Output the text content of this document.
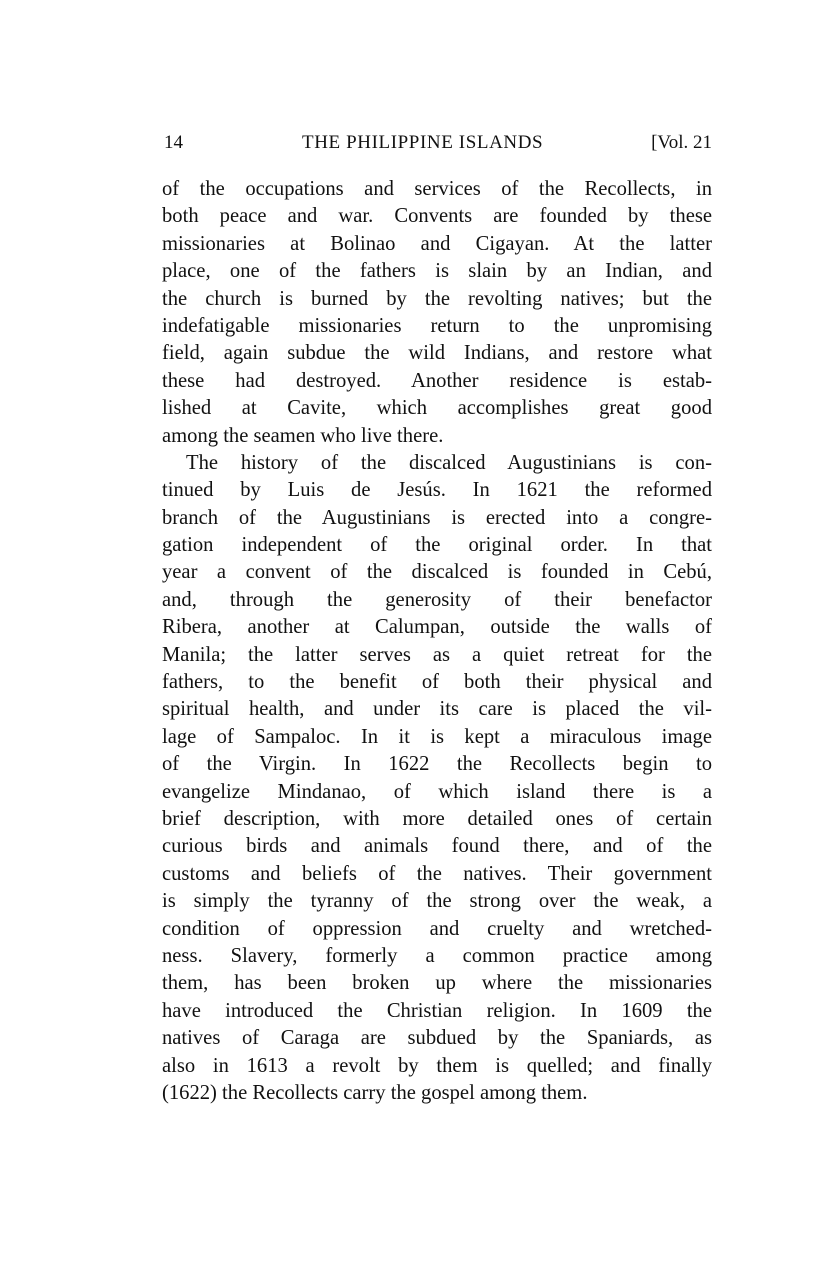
14	THE PHILIPPINE ISLANDS	[Vol. 21
of the occupations and services of the Recollects, in
both peace and war. Convents are founded by these
missionaries at Bolinao and Cigayan. At the latter
place, one of the fathers is slain by an Indian, and
the church is burned by the revolting natives; but the
indefatigable missionaries return to the unpromising
field, again subdue the wild Indians, and restore what
these had destroyed. Another residence is estab-
lished at Cavite, which accomplishes great good
among the seamen who live there.
The history of the discalced Augustinians is con-
tinued by Luis de Jesús. In 1621 the reformed
branch of the Augustinians is erected into a congre-
gation independent of the original order. In that
year a convent of the discalced is founded in Cebú,
and, through the generosity of their benefactor
Ribera, another at Calumpan, outside the walls of
Manila; the latter serves as a quiet retreat for the
fathers, to the benefit of both their physical and
spiritual health, and under its care is placed the vil-
lage of Sampaloc. In it is kept a miraculous image
of the Virgin. In 1622 the Recollects begin to
evangelize Mindanao, of which island there is a
brief description, with more detailed ones of certain
curious birds and animals found there, and of the
customs and beliefs of the natives. Their government
is simply the tyranny of the strong over the weak, a
condition of oppression and cruelty and wretched-
ness. Slavery, formerly a common practice among
them, has been broken up where the missionaries
have introduced the Christian religion. In 1609 the
natives of Caraga are subdued by the Spaniards, as
also in 1613 a revolt by them is quelled; and finally
(1622) the Recollects carry the gospel among them.
